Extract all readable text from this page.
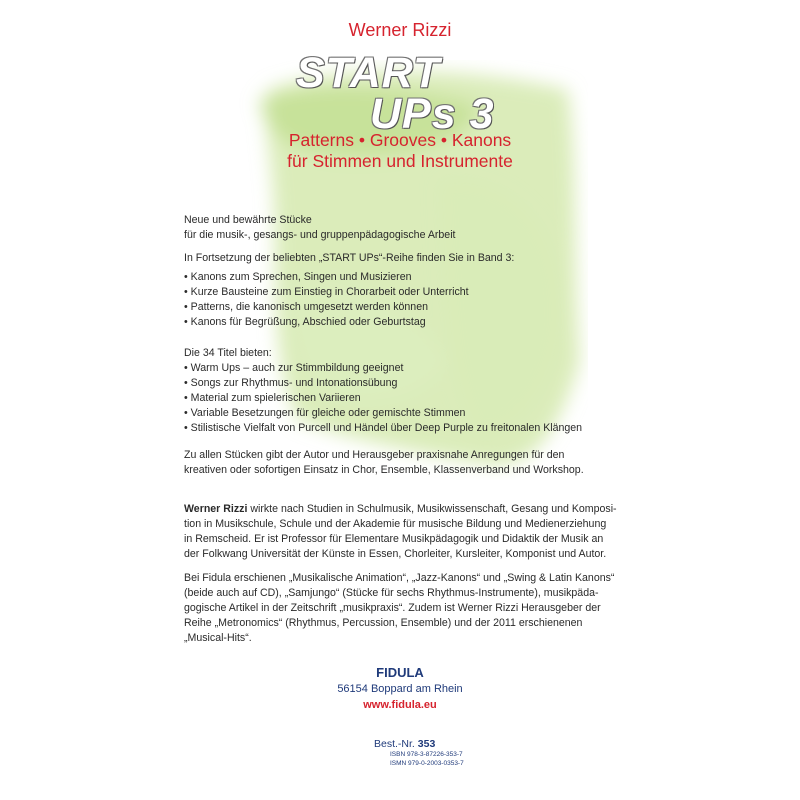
Werner Rizzi
START
UPs 3
Patterns • Grooves • Kanons
für Stimmen und Instrumente

Neue und bewährte Stücke

für die musik-, gesangs- und gruppenpädagogische Arbeit

In Fortsetzung der beliebten „START UPs“-Reihe finden Sie in Band 3:

• Kanons zum Sprechen, Singen und Musizieren
• Kurze Bausteine zum Einstieg in Chorarbeit oder Unterricht
• Patterns, die kanonisch umgesetzt werden können
• Kanons für Begrüßung, Abschied oder Geburtstag

Die 34 Titel bieten:

• Warm Ups – auch zur Stimmbildung geeignet
• Songs zur Rhythmus- und Intonationsübung
• Material zum spielerischen Variieren
• Variable Besetzungen für gleiche oder gemischte Stimmen
• Stilistische Vielfalt von Purcell und Händel über Deep Purple zu freitonalen Klängen

Zu allen Stücken gibt der Autor und Herausgeber praxisnahe Anregungen für den

kreativen oder sofortigen Einsatz in Chor, Ensemble, Klassenverband und Workshop.

Werner Rizzi wirkte nach Studien in Schulmusik, Musikwissenschaft, Gesang und Komposi-

tion in Musikschule, Schule und der Akademie für musische Bildung und Medienerziehung

in Remscheid. Er ist Professor für Elementare Musikpädagogik und Didaktik der Musik an

der Folkwang Universität der Künste in Essen, Chorleiter, Kursleiter, Komponist und Autor.

Bei Fidula erschienen „Musikalische Animation“, „Jazz-Kanons“ und „Swing & Latin Kanons“

(beide auch auf CD), „Samjungo“ (Stücke für sechs Rhythmus-Instrumente), musikpäda-

gogische Artikel in der Zeitschrift „musikpraxis“. Zudem ist Werner Rizzi Herausgeber der

Reihe „Metronomics“ (Rhythmus, Percussion, Ensemble) und der 2011 erschienenen

„Musical-Hits“.

FIDULA
56154 Boppard am Rhein
www.fidula.eu
Best.-Nr. 353
ISBN 978-3-87226-353-7
ISMN 979-0-2003-0353-7
